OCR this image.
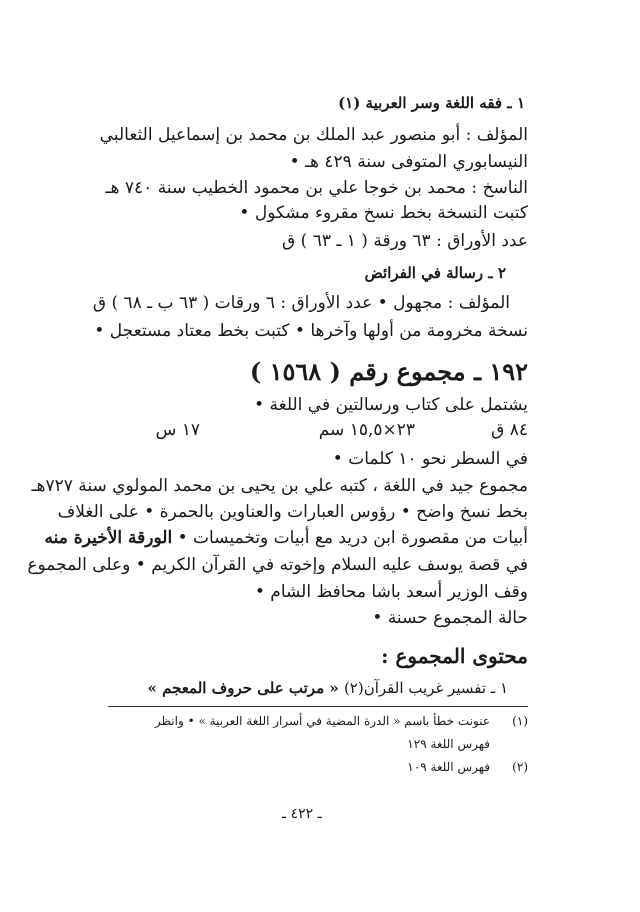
١ ـ فقه اللغة وسر العربية (١)
المؤلف : أبو منصور عبد الملك بن محمد بن إسماعيل الثعالبي
النيسابوري المتوفى سنة ٤٢٩ هـ •
الناسخ : محمد بن خوجا علي بن محمود الخطيب سنة ٧٤٠ هـ
كتبت النسخة بخط نسخ مقروء مشكول •
عدد الأوراق : ٦٣ ورقة ( ١ ـ ٦٣ ) ق
٢ ـ رسالة في الفرائض
المؤلف : مجهول • عدد الأوراق : ٦ ورقات ( ٦٣ ب ـ ٦٨ ) ق
نسخة مخرومة من أولها وآخرها • كتبت بخط معتاد مستعجل •
١٩٢ ـ مجموع رقم ( ١٥٦٨ )
يشتمل على كتاب ورسالتين في اللغة •
٨٤ ق
٢٣×١٥,٥ سم
١٧ س
في السطر نحو ١٠ كلمات •
مجموع جيد في اللغة ، كتبه علي بن يحيى بن محمد المولوي سنة ٧٢٧هـ
بخط نسخ واضح • رؤوس العبارات والعناوين بالحمرة • على الغلاف
أبيات من مقصورة ابن دريد مع أبيات وتخميسات • الورقة الأخيرة منه
في قصة يوسف عليه السلام وإخوته في القرآن الكريم • وعلى المجموع
وقف الوزير أسعد باشا محافظ الشام •
حالة المجموع حسنة •
محتوى المجموع :
١ ـ تفسير غريب القرآن(٢) « مرتب على حروف المعجم »
(١)
عنونت خطأ باسم « الدرة المضية في أسرار اللغة العربية » • وانظر
فهرس اللغة ١٢٩
(٢)
فهرس اللغة ١٠٩
ـ ٤٢٢ ـ
